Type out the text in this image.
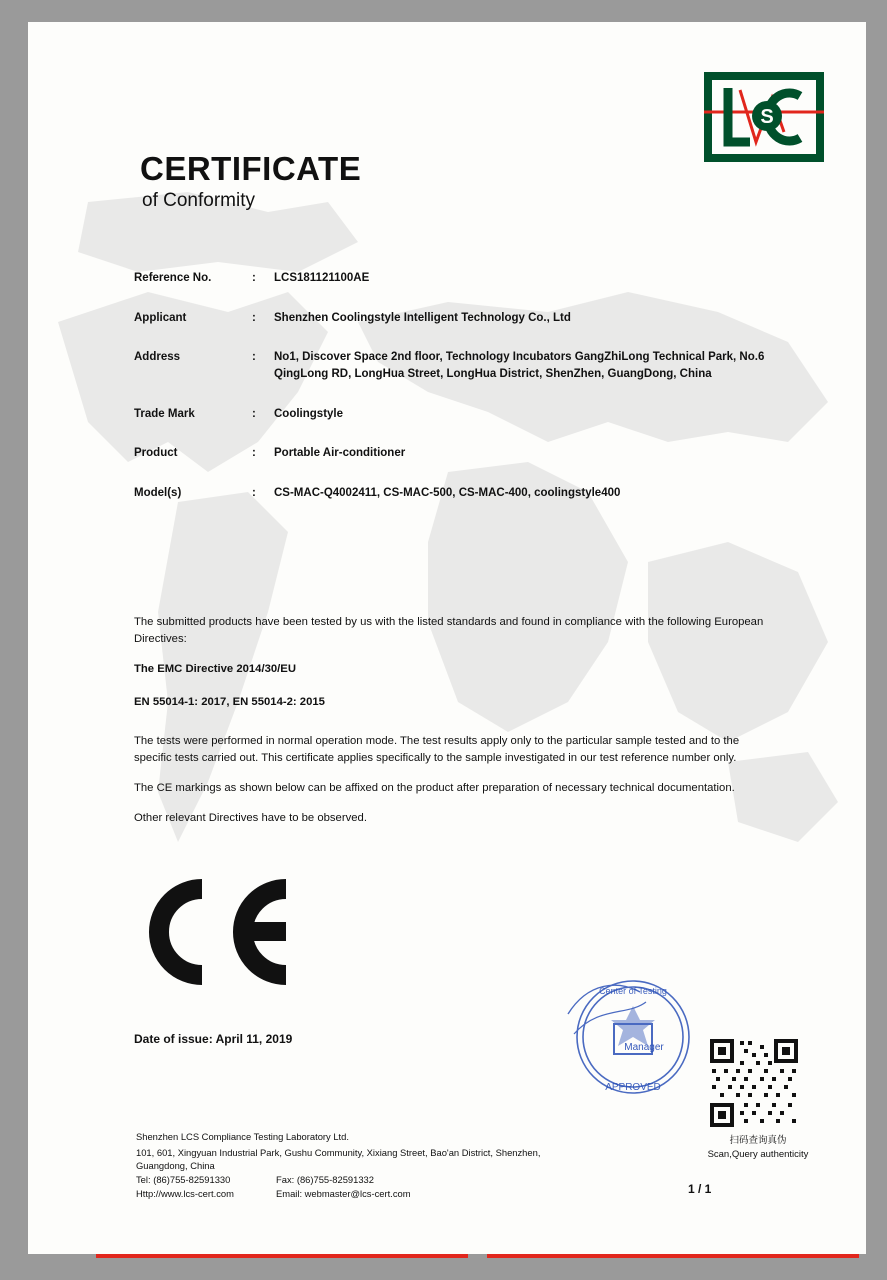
S
CERTIFICATE
of Conformity
Reference No.	:	LCS181121100AE
Applicant	:	Shenzhen Coolingstyle Intelligent Technology Co., Ltd
Address	:	No1, Discover Space 2nd floor, Technology Incubators GangZhiLong Technical Park, No.6 QingLong RD, LongHua Street, LongHua District, ShenZhen, GuangDong, China
Trade Mark	:	Coolingstyle
Product	:	Portable Air-conditioner
Model(s)	:	CS-MAC-Q4002411, CS-MAC-500, CS-MAC-400, coolingstyle400

The submitted products have been tested by us with the listed standards and found in compliance with the following European Directives:

The EMC Directive 2014/30/EU

EN 55014-1: 2017, EN 55014-2: 2015

The tests were performed in normal operation mode. The test results apply only to the particular sample tested and to the specific tests carried out. This certificate applies specifically to the sample investigated in our test reference number only.

The CE markings as shown below can be affixed on the product after preparation of necessary technical documentation.

Other relevant Directives have to be observed.

Date of issue: April 11, 2019
Center of Testing
APPROVED
Manager
扫码查询真伪
Scan,Query authenticity
Shenzhen LCS Compliance Testing Laboratory Ltd.
101, 601, Xingyuan Industrial Park, Gushu Community, Xixiang Street, Bao'an District, Shenzhen,
Guangdong, China
Tel: (86)755-82591330	Fax: (86)755-82591332
Http://www.lcs-cert.com	Email: webmaster@lcs-cert.com	1 / 1
